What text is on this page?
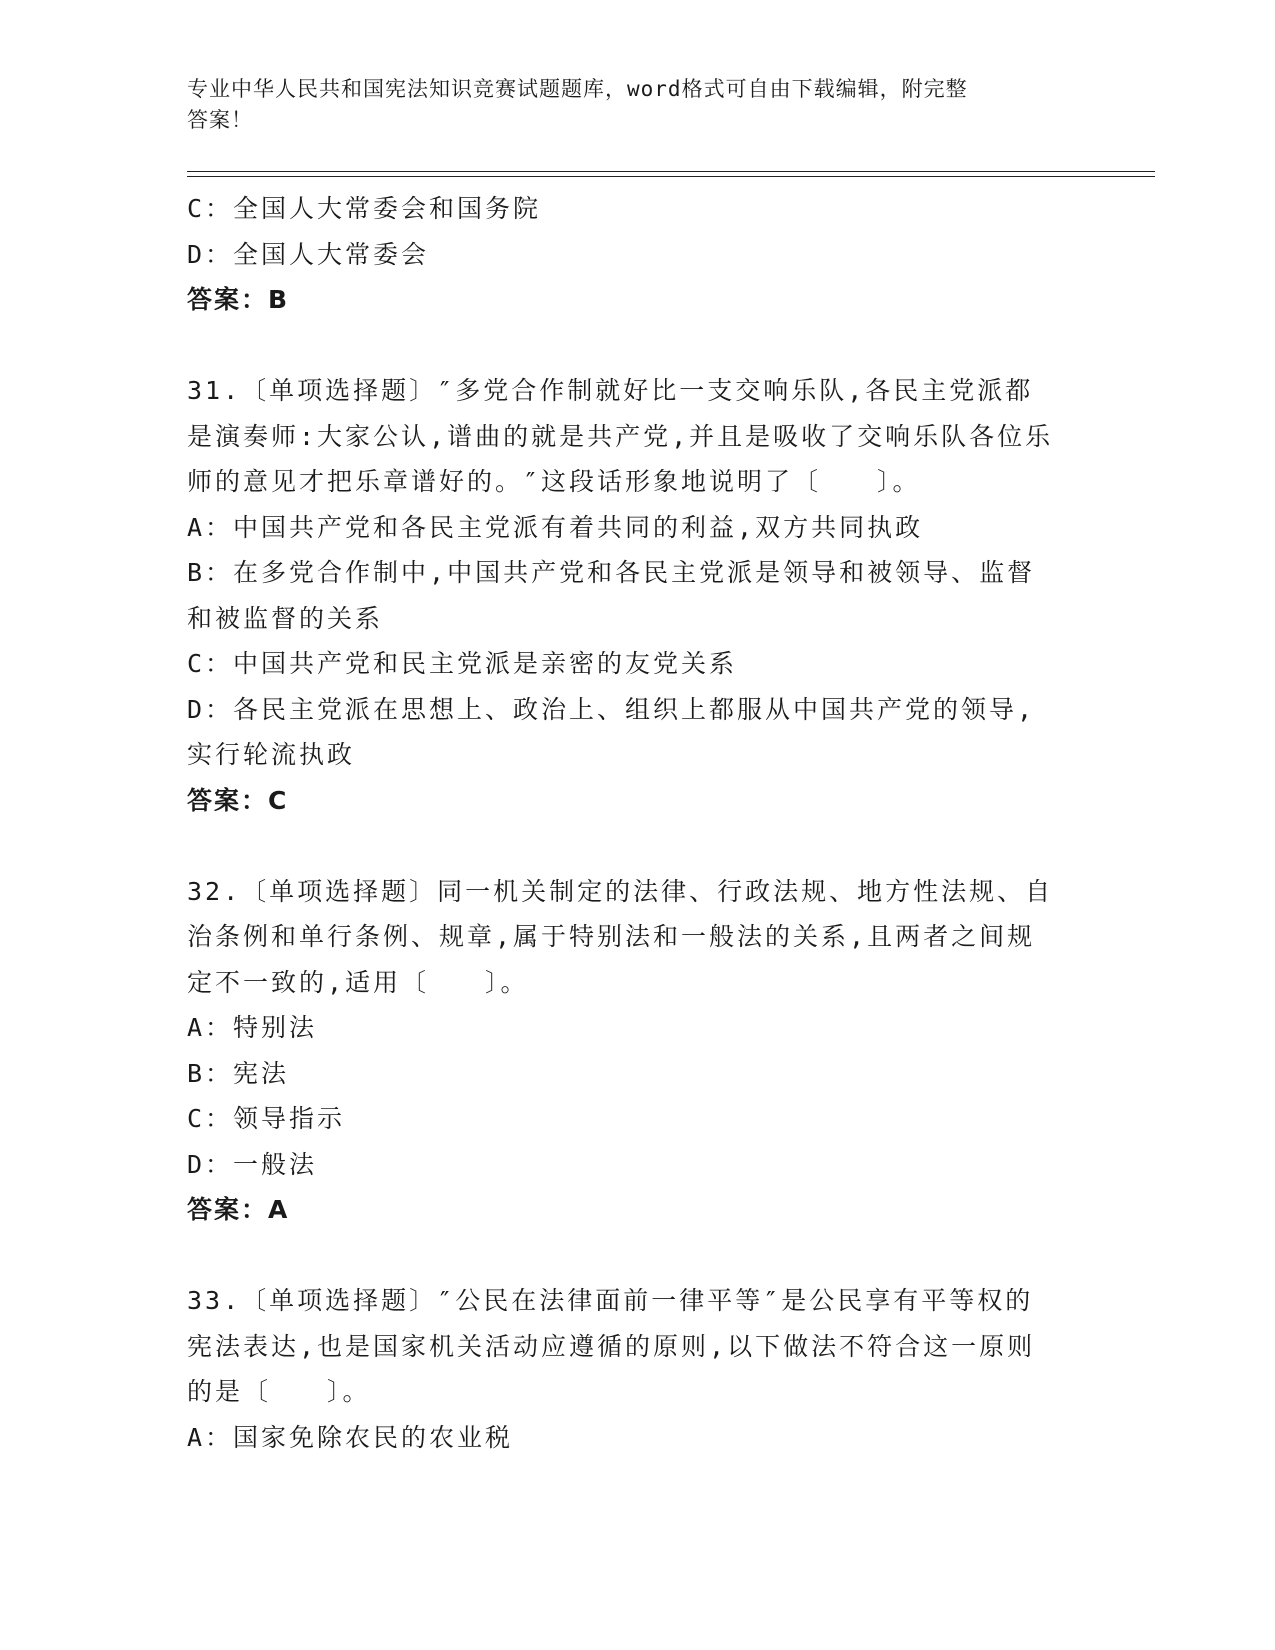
专业中华人民共和国宪法知识竞赛试题题库，word格式可自由下载编辑，附完整
答案！
C：全国人大常委会和国务院
D：全国人大常委会
答案：B
31.〔单项选择题〕″多党合作制就好比一支交响乐队,各民主党派都
是演奏师:大家公认,谱曲的就是共产党,并且是吸收了交响乐队各位乐
师的意见才把乐章谱好的。″这段话形象地说明了〔　　〕。
A：中国共产党和各民主党派有着共同的利益,双方共同执政
B：在多党合作制中,中国共产党和各民主党派是领导和被领导、监督
和被监督的关系
C：中国共产党和民主党派是亲密的友党关系
D：各民主党派在思想上、政治上、组织上都服从中国共产党的领导,
实行轮流执政
答案：C
32.〔单项选择题〕同一机关制定的法律、行政法规、地方性法规、自
治条例和单行条例、规章,属于特别法和一般法的关系,且两者之间规
定不一致的,适用〔　　〕。
A：特别法
B：宪法
C：领导指示
D：一般法
答案：A
33.〔单项选择题〕″公民在法律面前一律平等″是公民享有平等权的
宪法表达,也是国家机关活动应遵循的原则,以下做法不符合这一原则
的是〔　　〕。
A：国家免除农民的农业税
